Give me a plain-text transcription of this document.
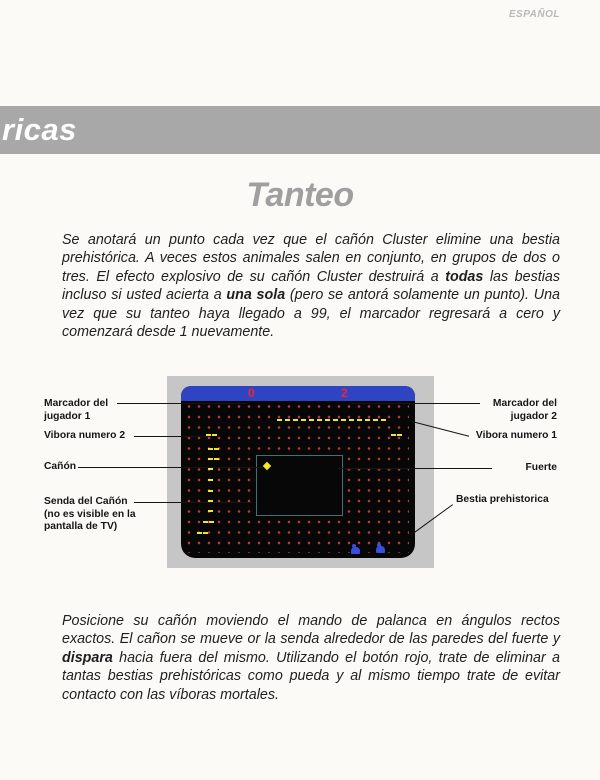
ESPAÑOL
ricas
Tanteo

Se anotará un punto cada vez que el cañón Cluster elimine una bestia prehistórica. A veces estos animales salen en conjunto, en grupos de dos o tres. El efecto explosivo de su cañón Cluster destruirá a todas las bestias incluso si usted acierta a una sola (pero se antorá solamente un punto). Una vez que su tanteo haya llegado a 99, el marcador regresará a cero y comenzará desde 1 nuevamente.

0	2
Marcador del
jugador 1
Vibora numero 2
Cañón
Senda del Cañón
(no es visible en la
pantalla de TV)
Marcador del
jugador 2
Vibora numero 1
Fuerte
Bestia prehistorica

Posicione su cañón moviendo el mando de palanca en ángulos rectos exactos. El cañon se mueve or la senda alrededor de las paredes del fuerte y dispara hacia fuera del mismo. Utilizando el botón rojo, trate de eliminar a tantas bestias prehistóricas como pueda y al mismo tiempo trate de evitar contacto con las víboras mortales.
